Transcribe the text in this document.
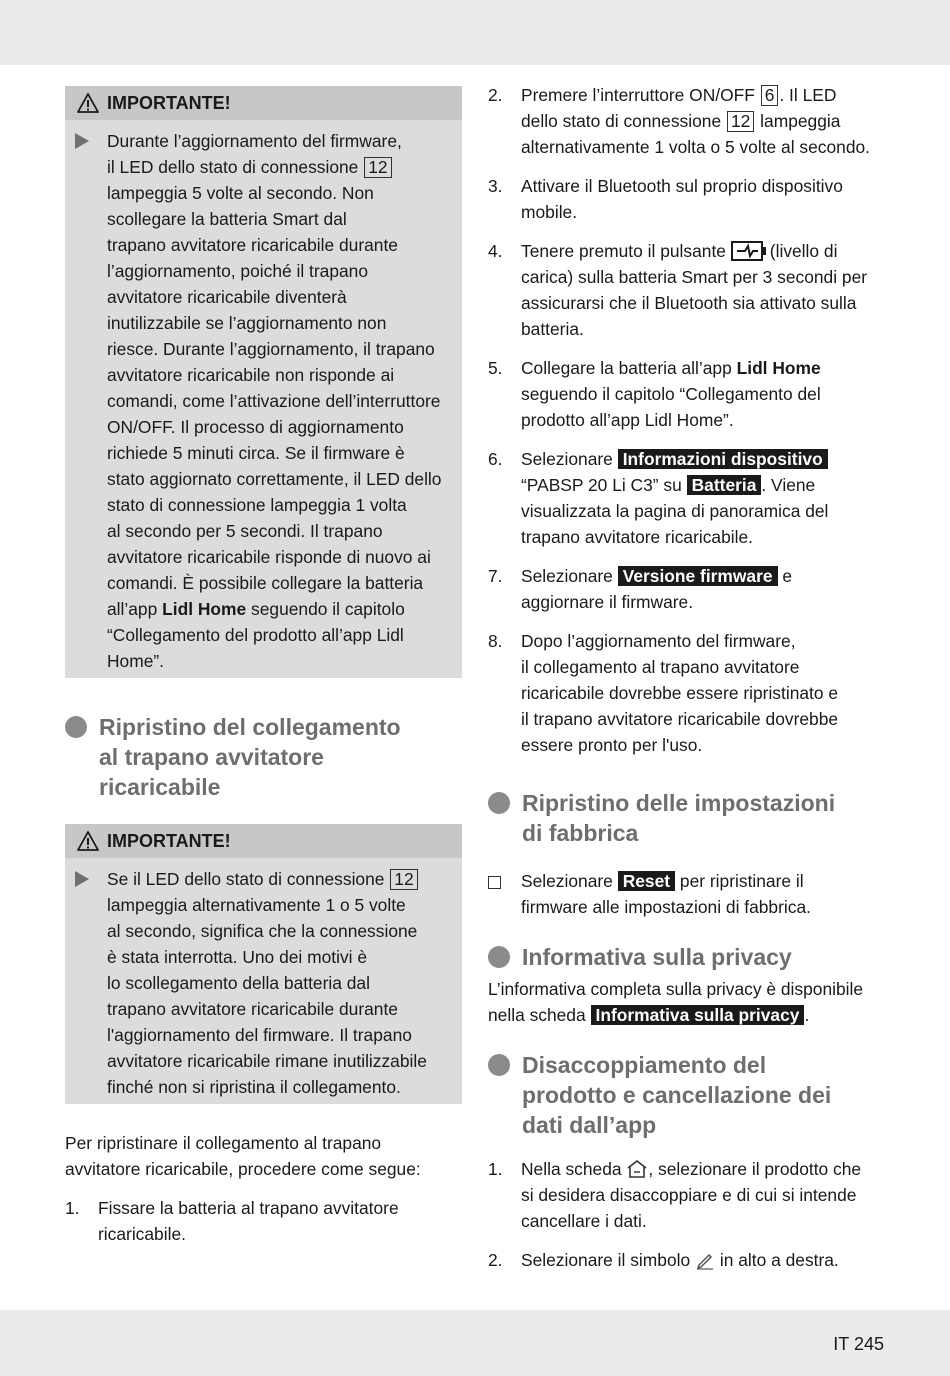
IMPORTANTE!

Durante l’aggiornamento del firmware,

il LED dello stato di connessione 12

lampeggia 5 volte al secondo. Non

scollegare la batteria Smart dal

trapano avvitatore ricaricabile durante

l’aggiornamento, poiché il trapano

avvitatore ricaricabile diventerà

inutilizzabile se l’aggiornamento non

riesce. Durante l’aggiornamento, il trapano

avvitatore ricaricabile non risponde ai

comandi, come l’attivazione dell’interruttore

ON/OFF. Il processo di aggiornamento

richiede 5 minuti circa. Se il firmware è

stato aggiornato correttamente, il LED dello

stato di connessione lampeggia 1 volta

al secondo per 5 secondi. Il trapano

avvitatore ricaricabile risponde di nuovo ai

comandi. È possibile collegare la batteria

all’app Lidl Home seguendo il capitolo

“Collegamento del prodotto all’app Lidl

Home”.

Ripristino del collegamento

al trapano avvitatore

ricaricabile

IMPORTANTE!

Se il LED dello stato di connessione 12

lampeggia alternativamente 1 o 5 volte

al secondo, significa che la connessione

è stata interrotta. Uno dei motivi è

lo scollegamento della batteria dal

trapano avvitatore ricaricabile durante

l'aggiornamento del firmware. Il trapano

avvitatore ricaricabile rimane inutilizzabile

finché non si ripristina il collegamento.

Per ripristinare il collegamento al trapano

avvitatore ricaricabile, procedere come segue:

1.	Fissare la batteria al trapano avvitatore

ricaricabile.

2.	Premere l’interruttore ON/OFF 6 . Il LED

dello stato di connessione 12 lampeggia

alternativamente 1 volta o 5 volte al secondo.

3.	Attivare il Bluetooth sul proprio dispositivo

mobile.

4.	Tenere premuto il pulsante	(livello di

carica) sulla batteria Smart per 3 secondi per

assicurarsi che il Bluetooth sia attivato sulla

batteria.

5.	Collegare la batteria all’app Lidl Home

seguendo il capitolo “Collegamento del

prodotto all’app Lidl Home”.

6.	Selezionare Informazioni dispositivo

“PABSP 20 Li C3” su Batteria . Viene

visualizzata la pagina di panoramica del

trapano avvitatore ricaricabile.

7.	Selezionare Versione firmware e

aggiornare il firmware.

8.	Dopo l’aggiornamento del firmware,

il collegamento al trapano avvitatore

ricaricabile dovrebbe essere ripristinato e

il trapano avvitatore ricaricabile dovrebbe

essere pronto per l'uso.

Ripristino delle impostazioni

di fabbrica

Selezionare Reset per ripristinare il

firmware alle impostazioni di fabbrica.

Informativa sulla privacy

L’informativa completa sulla privacy è disponibile

nella scheda Informativa sulla privacy .

Disaccoppiamento del

prodotto e cancellazione dei

dati dall’app

1.	Nella scheda , selezionare il prodotto che

si desidera disaccoppiare e di cui si intende

cancellare i dati.

2.	Selezionare il simbolo in alto a destra.

IT 245
